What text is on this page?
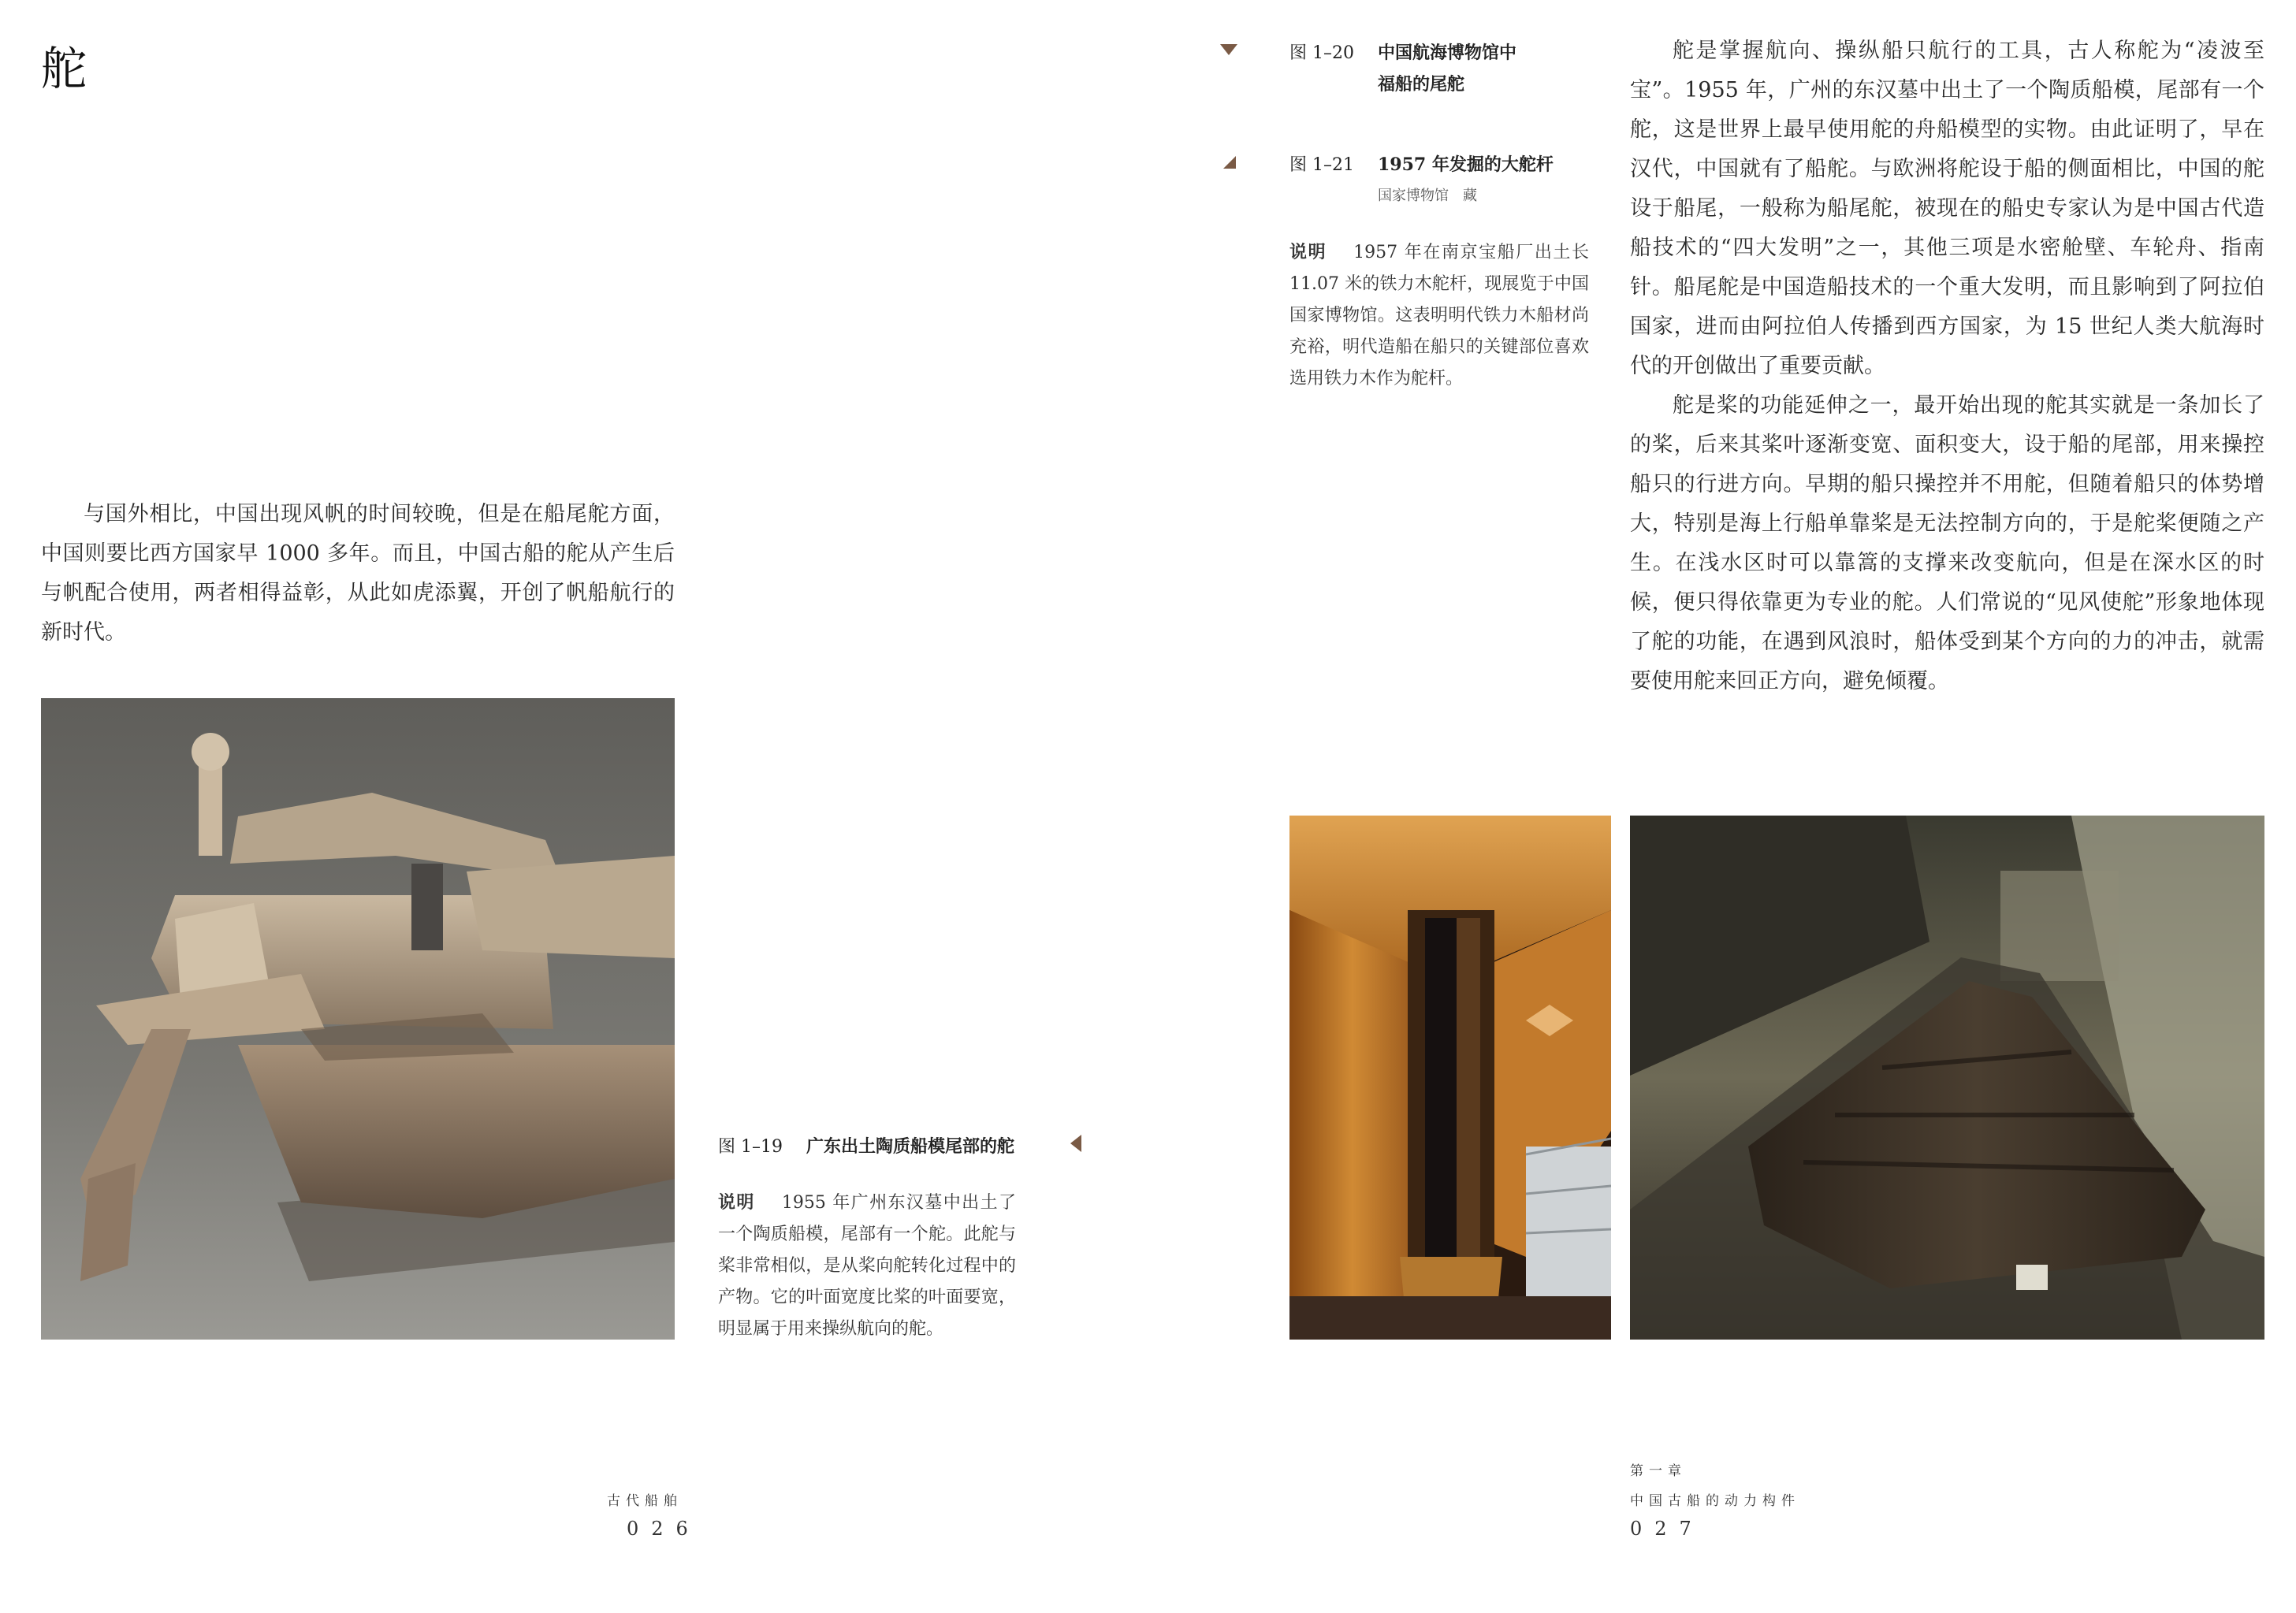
舵

与国外相比，中国出现风帆的时间较晚，但是在船尾舵方面，中国则要比西方国家早 1000 多年。而且，中国古船的舵从产生后与帆配合使用，两者相得益彰，从此如虎添翼，开创了帆船航行的新时代。

图 1–19 广东出土陶质船模尾部的舵
说明 1955 年广州东汉墓中出土了一个陶质船模，尾部有一个舵。此舵与桨非常相似，是从桨向舵转化过程中的产物。它的叶面宽度比桨的叶面要宽，明显属于用来操纵航向的舵。
古代船舶
026
图 1–20 中国航海博物馆中
福船的尾舵
图 1–21 1957 年发掘的大舵杆
国家博物馆　藏
说明 1957 年在南京宝船厂出土长 11.07 米的铁力木舵杆，现展览于中国国家博物馆。这表明明代铁力木船材尚充裕，明代造船在船只的关键部位喜欢选用铁力木作为舵杆。

舵是掌握航向、操纵船只航行的工具，古人称舵为“凌波至宝”。1955 年，广州的东汉墓中出土了一个陶质船模，尾部有一个舵，这是世界上最早使用舵的舟船模型的实物。由此证明了，早在汉代，中国就有了船舵。与欧洲将舵设于船的侧面相比，中国的舵设于船尾，一般称为船尾舵，被现在的船史专家认为是中国古代造船技术的“四大发明”之一，其他三项是水密舱壁、车轮舟、指南针。船尾舵是中国造船技术的一个重大发明，而且影响到了阿拉伯国家，进而由阿拉伯人传播到西方国家，为 15 世纪人类大航海时代的开创做出了重要贡献。

舵是桨的功能延伸之一，最开始出现的舵其实就是一条加长了的桨，后来其桨叶逐渐变宽、面积变大，设于船的尾部，用来操控船只的行进方向。早期的船只操控并不用舵，但随着船只的体势增大，特别是海上行船单靠桨是无法控制方向的，于是舵桨便随之产生。在浅水区时可以靠篙的支撑来改变航向，但是在深水区的时候，便只得依靠更为专业的舵。人们常说的“见风使舵”形象地体现了舵的功能，在遇到风浪时，船体受到某个方向的力的冲击，就需要使用舵来回正方向，避免倾覆。

第一章
中国古船的动力构件
027
